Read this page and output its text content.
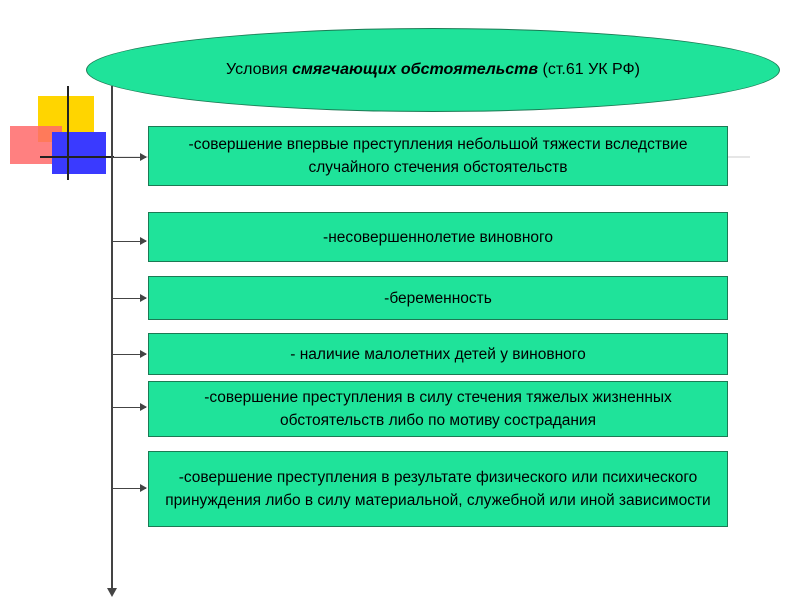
Условия смягчающих обстоятельств (ст.61 УК РФ)
-совершение впервые преступления небольшой тяжести вследствие случайного стечения обстоятельств
-несовершеннолетие виновного
-беременность
- наличие малолетних детей у виновного
-совершение преступления в силу стечения тяжелых жизненных обстоятельств либо по мотиву сострадания
-совершение преступления в результате физического или психического принуждения либо в силу материальной, служебной или иной зависимости
